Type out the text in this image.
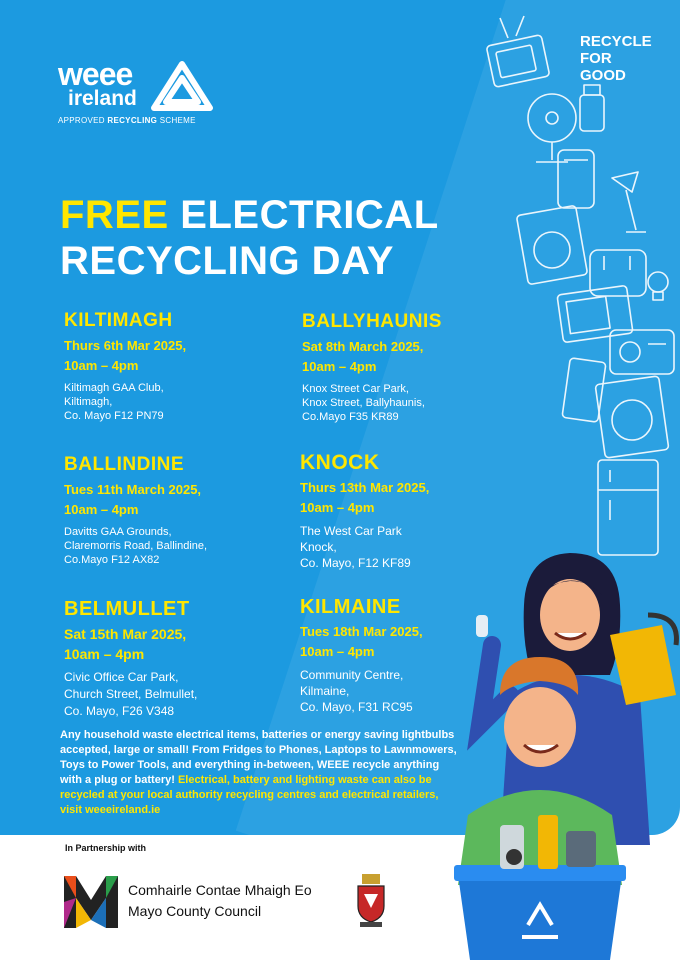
weee
ireland
APPROVED RECYCLING SCHEME
RECYCLE
FOR
GOOD
FREE ELECTRICAL
RECYCLING DAY
KILTIMAGH
Thurs 6th Mar 2025,
10am – 4pm
Kiltimagh GAA Club,
Kiltimagh,
Co. Mayo F12 PN79
BALLYHAUNIS
Sat 8th March 2025,
10am – 4pm
Knox Street Car Park,
Knox Street, Ballyhaunis,
Co.Mayo F35 KR89
BALLINDINE
Tues 11th March 2025,
10am – 4pm
Davitts GAA Grounds,
Claremorris Road, Ballindine,
Co.Mayo F12 AX82
KNOCK
Thurs 13th Mar 2025,
10am – 4pm
The West Car Park
Knock,
Co. Mayo, F12 KF89
BELMULLET
Sat 15th Mar 2025,
10am – 4pm
Civic Office Car Park,
Church Street, Belmullet,
Co. Mayo, F26 V348
KILMAINE
Tues 18th Mar 2025,
10am – 4pm
Community Centre,
Kilmaine,
Co. Mayo, F31 RC95
Any household waste electrical items, batteries or energy saving lightbulbs accepted, large or small! From Fridges to Phones, Laptops to Lawnmowers, Toys to Power Tools, and everything in-between, WEEE recycle anything with a plug or battery! Electrical, battery and lighting waste can also be recycled at your local authority recycling centres and electrical retailers, visit weeeireland.ie
In Partnership with
Comhairle Contae Mhaigh Eo
Mayo County Council
